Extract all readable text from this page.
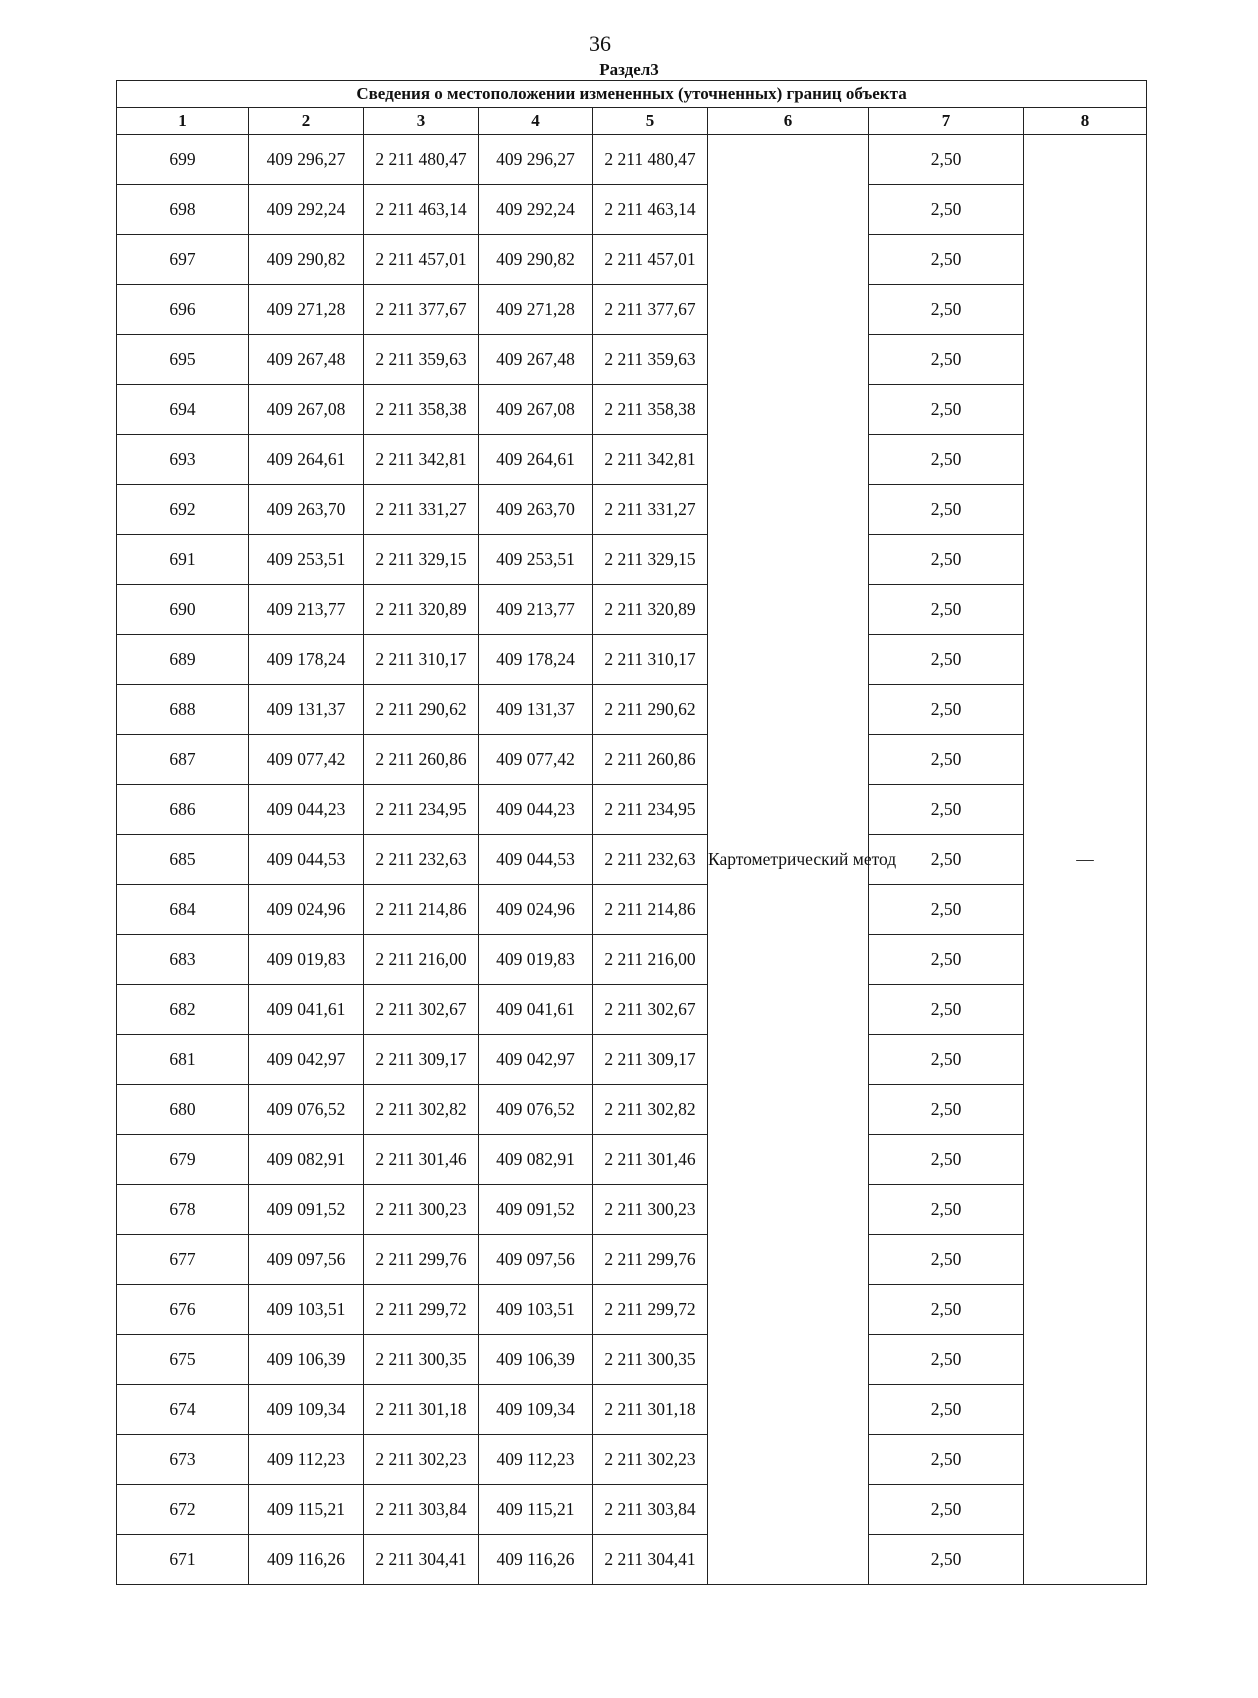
36
Раздел3
Сведения о местоположении измененных (уточненных) границ объекта							
1	2	3	4	5	6	7	8
699	409 296,27	2 211 480,47	409 296,27	2 211 480,47	Картометрический метод	2,50	—
698	409 292,24	2 211 463,14	409 292,24	2 211 463,14		2,50	
697	409 290,82	2 211 457,01	409 290,82	2 211 457,01		2,50	
696	409 271,28	2 211 377,67	409 271,28	2 211 377,67		2,50	
695	409 267,48	2 211 359,63	409 267,48	2 211 359,63		2,50	
694	409 267,08	2 211 358,38	409 267,08	2 211 358,38		2,50	
693	409 264,61	2 211 342,81	409 264,61	2 211 342,81		2,50	
692	409 263,70	2 211 331,27	409 263,70	2 211 331,27		2,50	
691	409 253,51	2 211 329,15	409 253,51	2 211 329,15		2,50	
690	409 213,77	2 211 320,89	409 213,77	2 211 320,89		2,50	
689	409 178,24	2 211 310,17	409 178,24	2 211 310,17		2,50	
688	409 131,37	2 211 290,62	409 131,37	2 211 290,62		2,50	
687	409 077,42	2 211 260,86	409 077,42	2 211 260,86		2,50	
686	409 044,23	2 211 234,95	409 044,23	2 211 234,95		2,50	
685	409 044,53	2 211 232,63	409 044,53	2 211 232,63		2,50	
684	409 024,96	2 211 214,86	409 024,96	2 211 214,86		2,50	
683	409 019,83	2 211 216,00	409 019,83	2 211 216,00		2,50	
682	409 041,61	2 211 302,67	409 041,61	2 211 302,67		2,50	
681	409 042,97	2 211 309,17	409 042,97	2 211 309,17		2,50	
680	409 076,52	2 211 302,82	409 076,52	2 211 302,82		2,50	
679	409 082,91	2 211 301,46	409 082,91	2 211 301,46		2,50	
678	409 091,52	2 211 300,23	409 091,52	2 211 300,23		2,50	
677	409 097,56	2 211 299,76	409 097,56	2 211 299,76		2,50	
676	409 103,51	2 211 299,72	409 103,51	2 211 299,72		2,50	
675	409 106,39	2 211 300,35	409 106,39	2 211 300,35		2,50	
674	409 109,34	2 211 301,18	409 109,34	2 211 301,18		2,50	
673	409 112,23	2 211 302,23	409 112,23	2 211 302,23		2,50	
672	409 115,21	2 211 303,84	409 115,21	2 211 303,84		2,50	
671	409 116,26	2 211 304,41	409 116,26	2 211 304,41		2,50	
